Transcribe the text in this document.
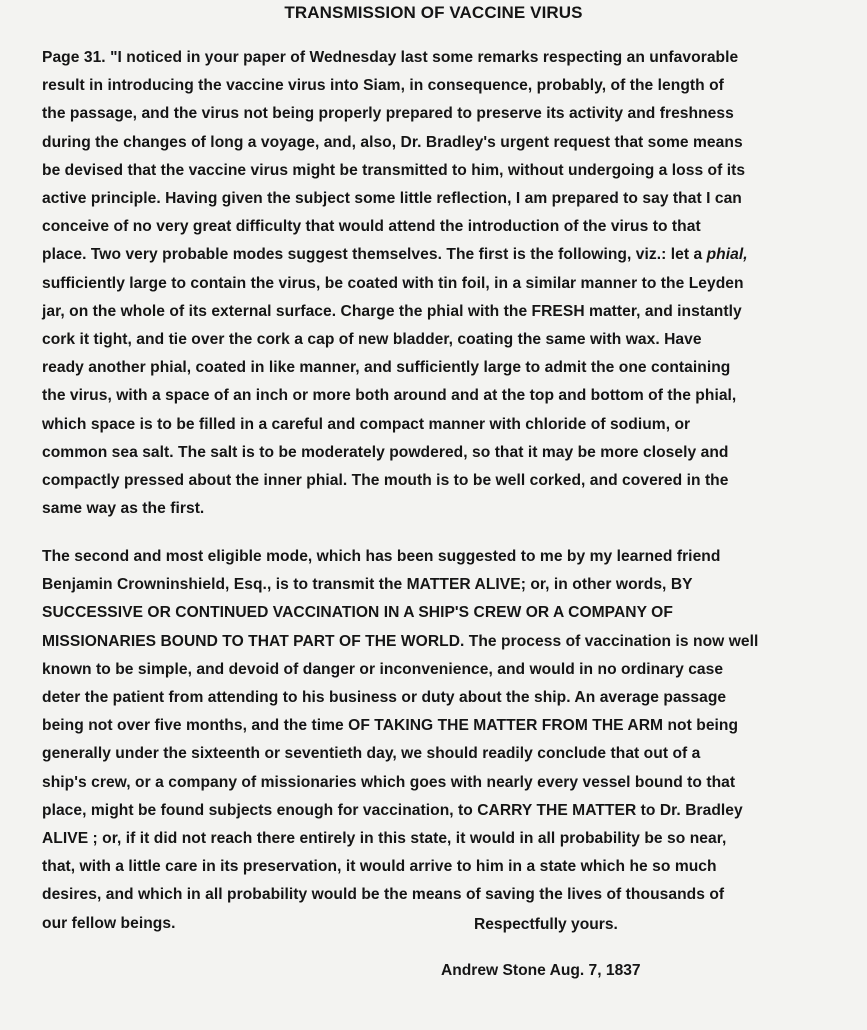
TRANSMISSION OF VACCINE VIRUS
Page 31. "I noticed in your paper of Wednesday last some remarks respecting an unfavorable
result in introducing the vaccine virus into Siam, in consequence, probably, of the length of
the passage, and the virus not being properly prepared to preserve its activity and freshness
during the changes of long a voyage, and, also, Dr. Bradley's urgent request that some means
be devised that the vaccine virus might be transmitted to him, without undergoing a loss of its
active principle. Having given the subject some little reflection, I am prepared to say that I can
conceive of no very great difficulty that would attend the introduction of the virus to that
place. Two very probable modes suggest themselves. The first is the following, viz.: let a phial,
sufficiently large to contain the virus, be coated with tin foil, in a similar manner to the Leyden
jar, on the whole of its external surface. Charge the phial with the FRESH matter, and instantly
cork it tight, and tie over the cork a cap of new bladder, coating the same with wax. Have
ready another phial, coated in like manner, and sufficiently large to admit the one containing
the virus, with a space of an inch or more both around and at the top and bottom of the phial,
which space is to be filled in a careful and compact manner with chloride of sodium, or
common sea salt. The salt is to be moderately powdered, so that it may be more closely and
compactly pressed about the inner phial. The mouth is to be well corked, and covered in the
same way as the first.
The second and most eligible mode, which has been suggested to me by my learned friend
Benjamin Crowninshield, Esq., is to transmit the MATTER ALIVE; or, in other words, BY
SUCCESSIVE OR CONTINUED VACCINATION IN A SHIP'S CREW OR A COMPANY OF
MISSIONARIES BOUND TO THAT PART OF THE WORLD. The process of vaccination is now well
known to be simple, and devoid of danger or inconvenience, and would in no ordinary case
deter the patient from attending to his business or duty about the ship. An average passage
being not over five months, and the time OF TAKING THE MATTER FROM THE ARM not being
generally under the sixteenth or seventieth day, we should readily conclude that out of a
ship's crew, or a company of missionaries which goes with nearly every vessel bound to that
place, might be found subjects enough for vaccination, to CARRY THE MATTER to Dr. Bradley
ALIVE ; or, if it did not reach there entirely in this state, it would in all probability be so near,
that, with a little care in its preservation, it would arrive to him in a state which he so much
desires, and which in all probability would be the means of saving the lives of thousands of
our fellow beings.	Respectfully yours.
Andrew Stone Aug. 7, 1837
